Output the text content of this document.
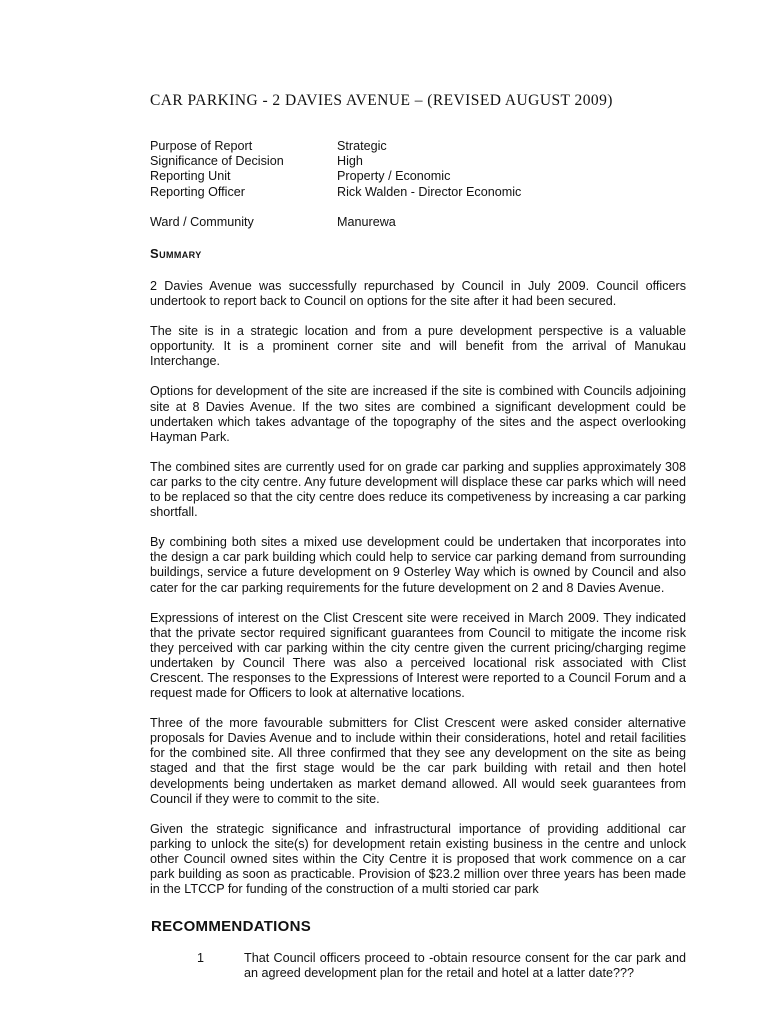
CAR PARKING - 2 DAVIES AVENUE – (REVISED AUGUST 2009)
Purpose of Report	Strategic
Significance of Decision	High
Reporting Unit	Property / Economic
Reporting Officer	Rick Walden - Director Economic
Ward / Community	Manurewa
Summary

2 Davies Avenue was successfully repurchased by Council in July 2009. Council officers undertook to report back to Council on options for the site after it had been secured.

The site is in a strategic location and from a pure development perspective is a valuable opportunity. It is a prominent corner site and will benefit from the arrival of Manukau Interchange.

Options for development of the site are increased if the site is combined with Councils adjoining site at 8 Davies Avenue. If the two sites are combined a significant development could be undertaken which takes advantage of the topography of the sites and the aspect overlooking Hayman Park.

The combined sites are currently used for on grade car parking and supplies approximately 308 car parks to the city centre. Any future development will displace these car parks which will need to be replaced so that the city centre does reduce its competiveness by increasing a car parking shortfall.

By combining both sites a mixed use development could be undertaken that incorporates into the design a car park building which could help to service car parking demand from surrounding buildings, service a future development on 9 Osterley Way which is owned by Council and also cater for the car parking requirements for the future development on 2 and 8 Davies Avenue.

Expressions of interest on the Clist Crescent site were received in March 2009. They indicated that the private sector required significant guarantees from Council to mitigate the income risk they perceived with car parking within the city centre given the current pricing/charging regime undertaken by Council There was also a perceived locational risk associated with Clist Crescent. The responses to the Expressions of Interest were reported to a Council Forum and a request made for Officers to look at alternative locations.

Three of the more favourable submitters for Clist Crescent were asked consider alternative proposals for Davies Avenue and to include within their considerations, hotel and retail facilities for the combined site. All three confirmed that they see any development on the site as being staged and that the first stage would be the car park building with retail and then hotel developments being undertaken as market demand allowed. All would seek guarantees from Council if they were to commit to the site.

Given the strategic significance and infrastructural importance of providing additional car parking to unlock the site(s) for development retain existing business in the centre and unlock other Council owned sites within the City Centre it is proposed that work commence on a car park building as soon as practicable. Provision of $23.2 million over three years has been made in the LTCCP for funding of the construction of a multi storied car park

RECOMMENDATIONS
1	That Council officers proceed to -obtain resource consent for the car park and an agreed development plan for the retail and hotel at a latter date???
